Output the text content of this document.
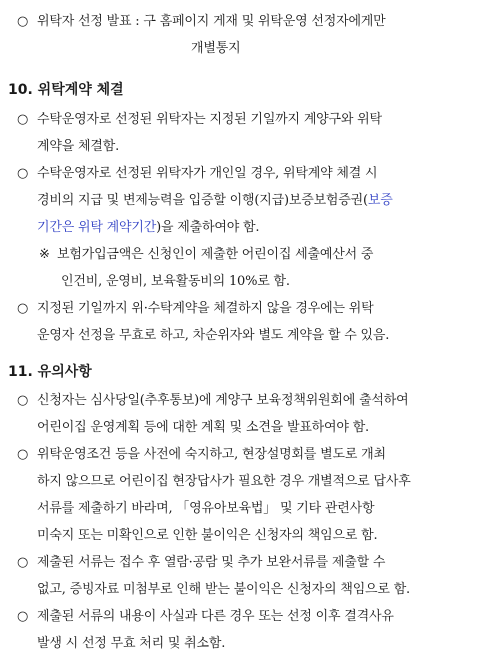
○ 위탁자 선정 발표 : 구 홈페이지 게재 및 위탁운영 선정자에게만
개별통지
10. 위탁계약 체결
○ 수탁운영자로 선정된 위탁자는 지정된 기일까지 계양구와 위탁
계약을 체결함.
○ 수탁운영자로 선정된 위탁자가 개인일 경우, 위탁계약 체결 시
경비의 지급 및 변제능력을 입증할 이행(지급)보증보험증권(보증
기간은 위탁 계약기간)을 제출하여야 함.
※ 보험가입금액은 신청인이 제출한 어린이집 세출예산서 중
인건비, 운영비, 보육활동비의 10%로 함.
○ 지정된 기일까지 위·수탁계약을 체결하지 않을 경우에는 위탁
운영자 선정을 무효로 하고, 차순위자와 별도 계약을 할 수 있음.
11. 유의사항
○ 신청자는 심사당일(추후통보)에 계양구 보육정책위원회에 출석하여
어린이집 운영계획 등에 대한 계획 및 소견을 발표하여야 함.
○ 위탁운영조건 등을 사전에 숙지하고, 현장설명회를 별도로 개최
하지 않으므로 어린이집 현장답사가 필요한 경우 개별적으로 답사후
서류를 제출하기 바라며, 「영유아보육법」 및 기타 관련사항
미숙지 또는 미확인으로 인한 불이익은 신청자의 책임으로 함.
○ 제출된 서류는 접수 후 열람·공람 및 추가 보완서류를 제출할 수
없고, 증빙자료 미첨부로 인해 받는 불이익은 신청자의 책임으로 함.
○ 제출된 서류의 내용이 사실과 다른 경우 또는 선정 이후 결격사유
발생 시 선정 무효 처리 및 취소함.
